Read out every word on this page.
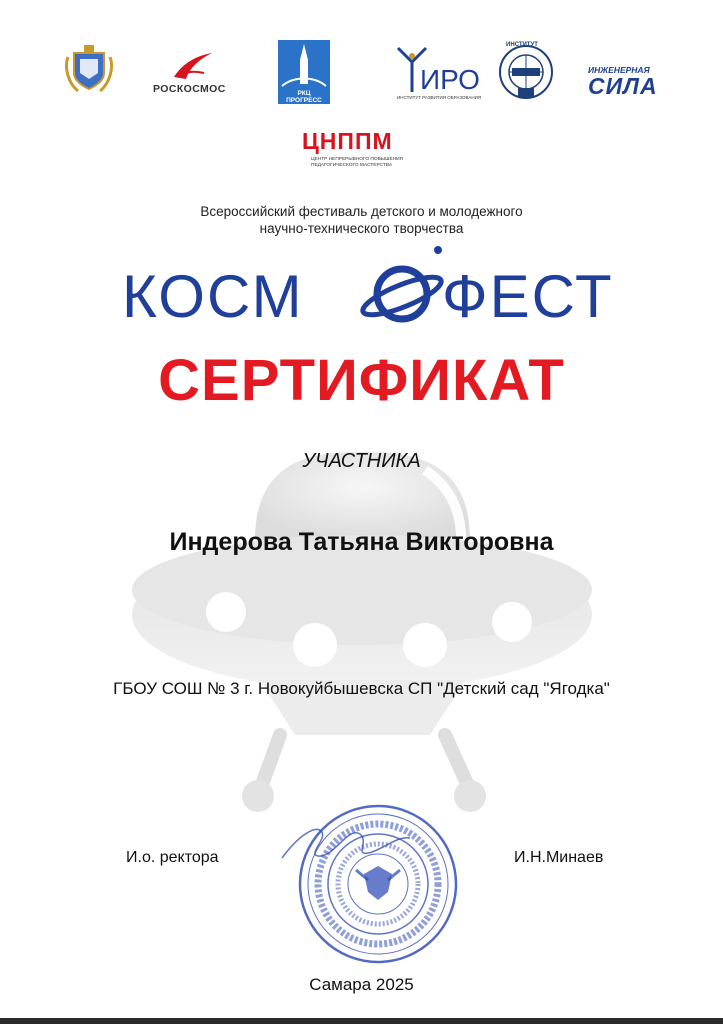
РОСКОСМОС	РКЦ ПРОГРЕСС
ИРО
ИНСТИТУТ РАЗВИТИЯ ОБРАЗОВАНИЯ
ИНСТИТУТ
ИНЖЕНЕРНАЯ
СИЛА
ЦНППМ
ЦЕНТР НЕПРЕРЫВНОГО ПОВЫШЕНИЯ ПЕДАГОГИЧЕСКОГО МАСТЕРСТВА
Всероссийский фестиваль детского и молодежного
научно-технического творчества
КОСМ ФЕСТ
СЕРТИФИКАТ
УЧАСТНИКА
Индерова Татьяна Викторовна
ГБОУ СОШ № 3 г. Новокуйбышевска СП "Детский сад "Ягодка"
И.о. ректора	И.Н.Минаев
Самара 2025
